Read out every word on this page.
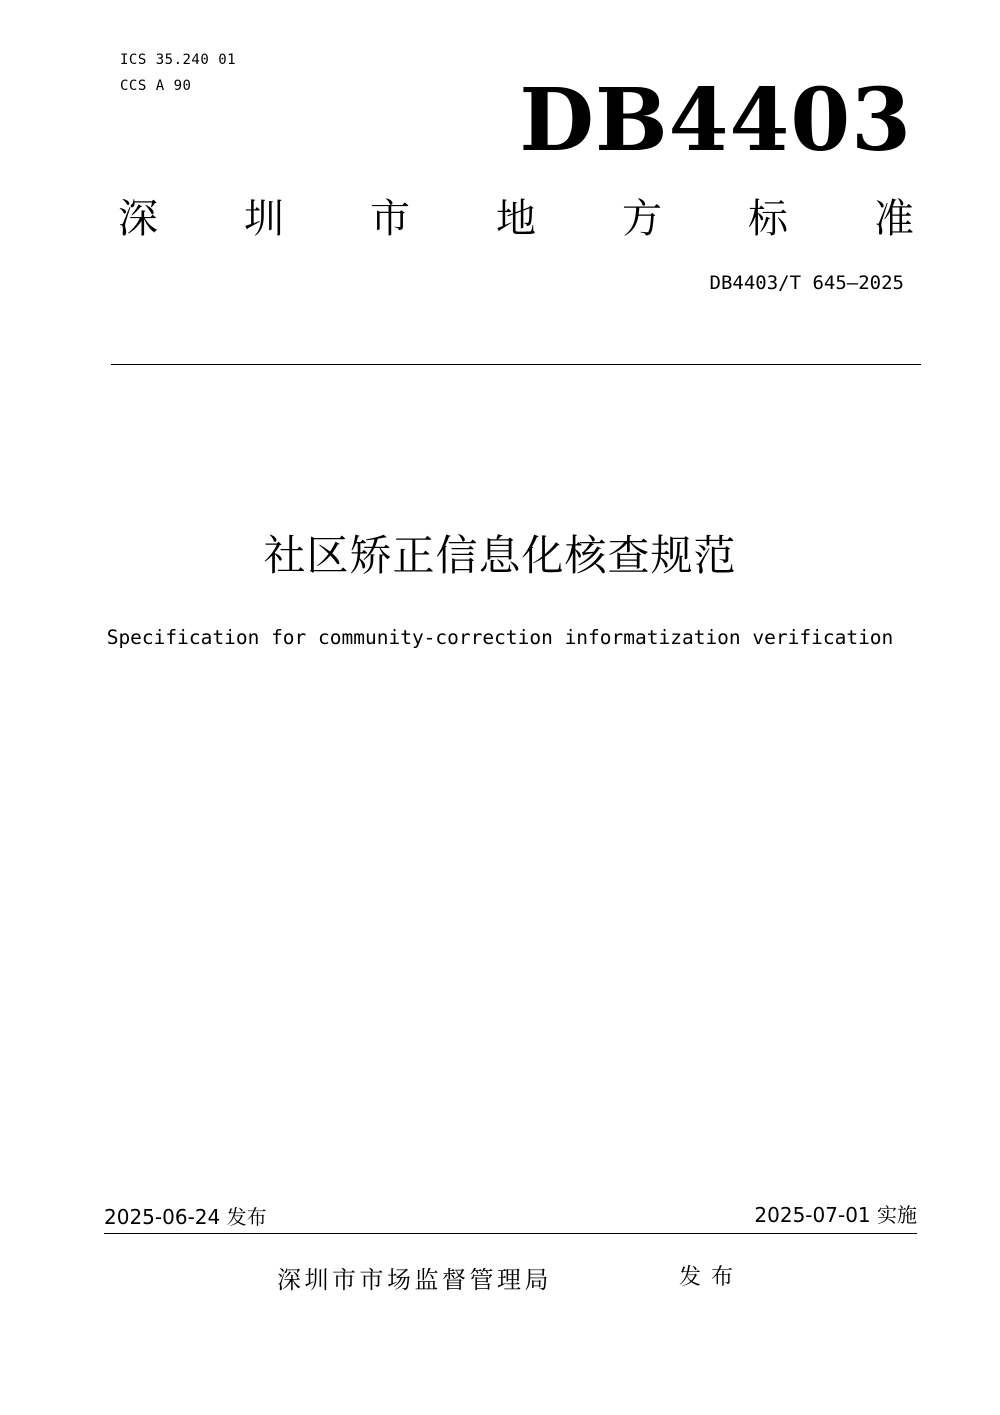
ICS 35.240 01
CCS A 90	DB4403
深 圳 市 地 方 标 准
DB4403/T 645—2025
社区矫正信息化核查规范
Specification for community-correction informatization verification
2025-06-24 发布	2025-07-01 实施
深圳市市场监督管理局	发布
